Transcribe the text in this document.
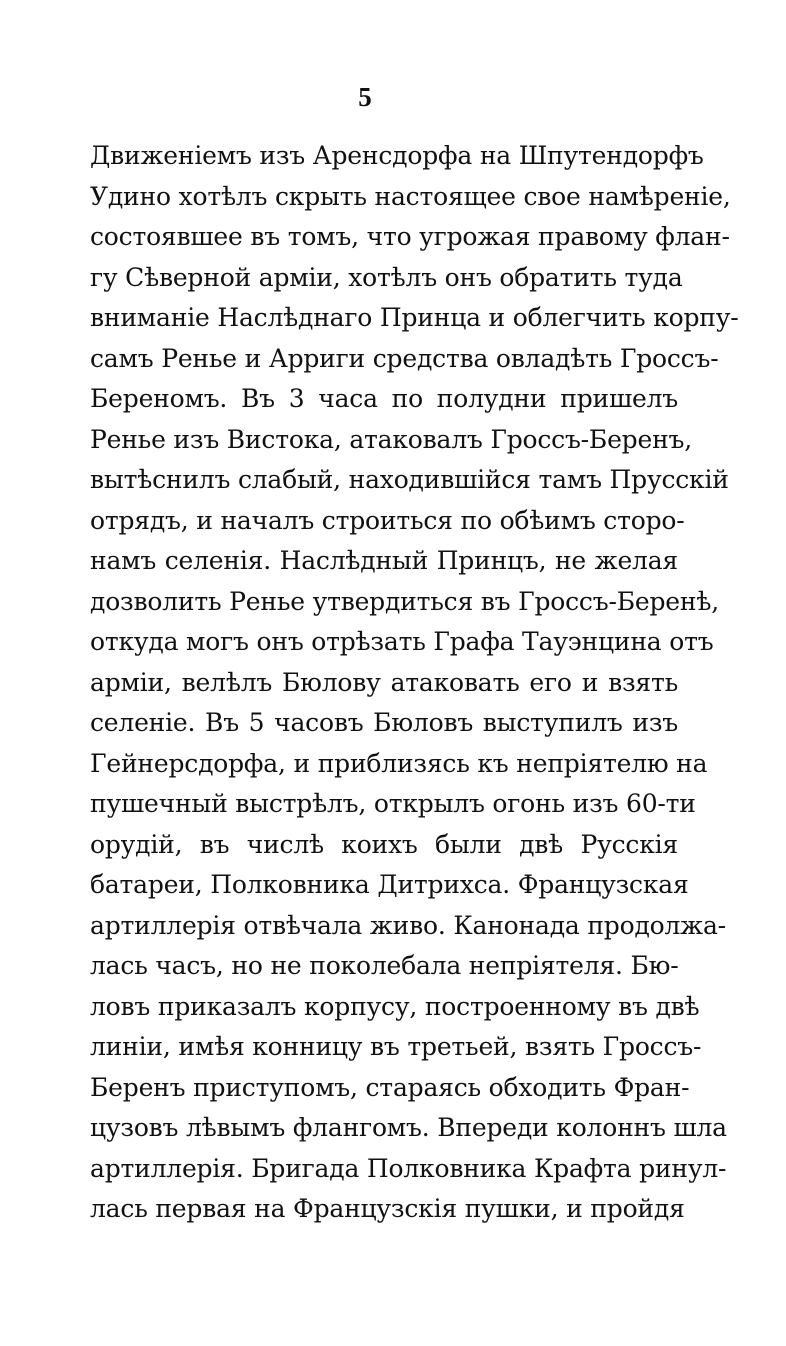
5
Движеніемъ изъ Аренсдорфа на Шпутендорфъ
Удино хотѣлъ скрыть настоящее свое намѣреніе,
состоявшее въ томъ, что угрожая правому флан-
гу Сѣверной арміи, хотѣлъ онъ обратить туда
вниманіе Наслѣднаго Принца и облегчить корпу-
самъ Ренье и Арриги средства овладѣть Гроссъ-
Береномъ. Въ 3 часа по полудни пришелъ
Ренье изъ Вистока, атаковалъ Гроссъ-Беренъ,
вытѣснилъ слабый, находившійся тамъ Прусскій
отрядъ, и началъ строиться по обѣимъ сторо-
намъ селенія. Наслѣдный Принцъ, не желая
дозволить Ренье утвердиться въ Гроссъ-Беренѣ,
откуда могъ онъ отрѣзать Графа Тауэнцина отъ
арміи, велѣлъ Бюлову атаковать его и взять
селеніе. Въ 5 часовъ Бюловъ выступилъ изъ
Гейнерсдорфа, и приблизясь къ непріятелю на
пушечный выстрѣлъ, открылъ огонь изъ 60-ти
орудій, въ числѣ коихъ были двѣ Русскія
батареи, Полковника Дитрихса. Французская
артиллерія отвѣчала живо. Канонада продолжа-
лась часъ, но не поколебала непріятеля. Бю-
ловъ приказалъ корпусу, построенному въ двѣ
линіи, имѣя конницу въ третьей, взять Гроссъ-
Беренъ приступомъ, стараясь обходить Фран-
цузовъ лѣвымъ флангомъ. Впереди колоннъ шла
артиллерія. Бригада Полковника Крафта ринул-
лась первая на Французскія пушки, и пройдя
